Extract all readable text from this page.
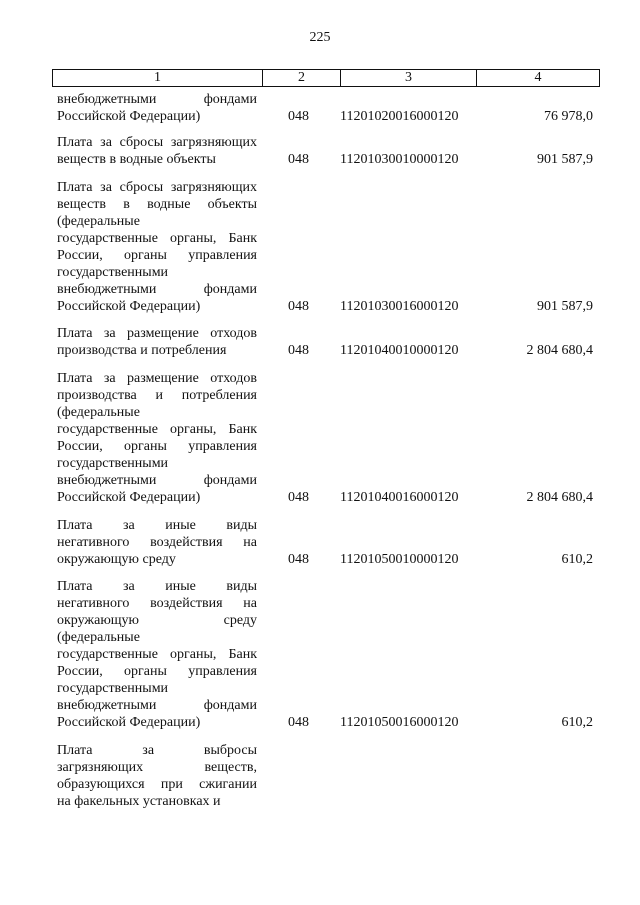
225
1	2	3	4
внебюджетными фондами
Российской Федерации)	048 11201020016000120	76 978,0
Плата за сбросы загрязняющих
веществ в водные объекты	048 11201030010000120	901 587,9
Плата за сбросы загрязняющих
веществ в водные объекты
(федеральные
государственные органы, Банк
России, органы управления
государственными
внебюджетными фондами
Российской Федерации)	048 11201030016000120	901 587,9
Плата за размещение отходов
производства и потребления	048 11201040010000120	2 804 680,4
Плата за размещение отходов
производства и потребления
(федеральные
государственные органы, Банк
России, органы управления
государственными
внебюджетными фондами
Российской Федерации)	048 11201040016000120	2 804 680,4
Плата за иные виды
негативного воздействия на
окружающую среду	048 11201050010000120	610,2
Плата за иные виды
негативного воздействия на
окружающую среду
(федеральные
государственные органы, Банк
России, органы управления
государственными
внебюджетными фондами
Российской Федерации)	048 11201050016000120	610,2
Плата за выбросы
загрязняющих веществ,
образующихся при сжигании
на факельных установках и
